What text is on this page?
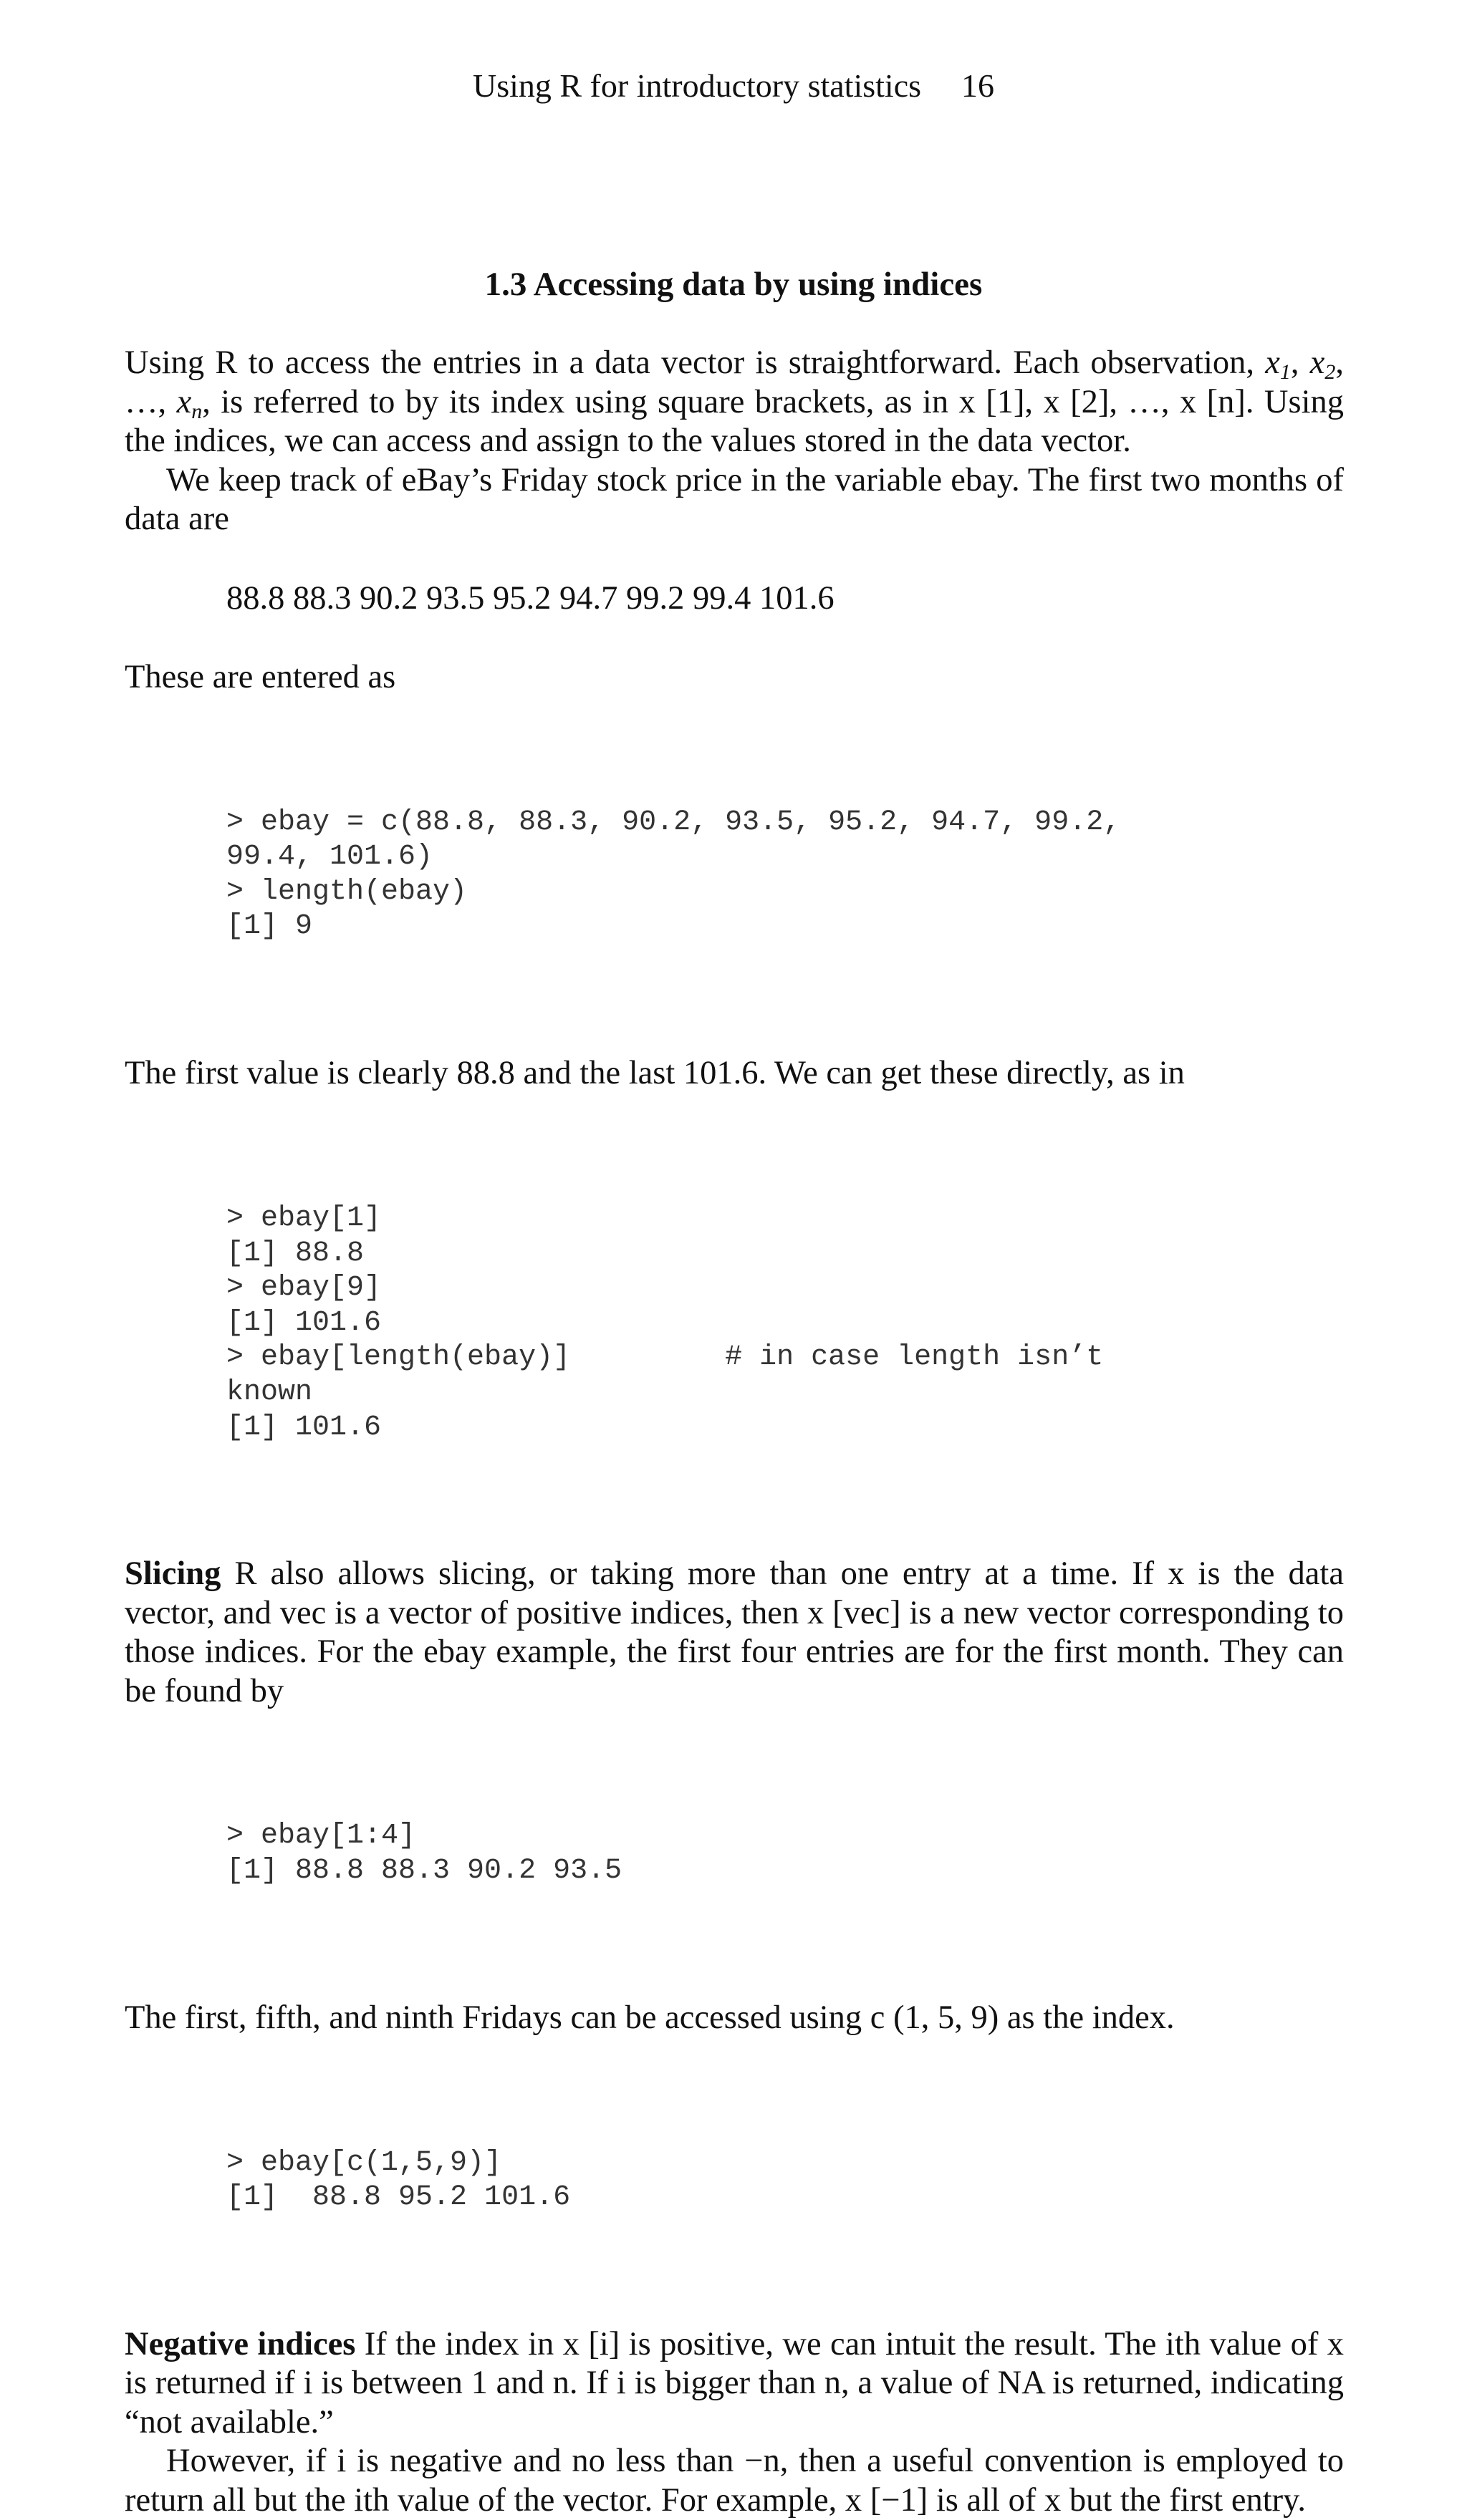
Using R for introductory statistics 16
1.3 Accessing data by using indices

Using R to access the entries in a data vector is straightforward. Each observation, $x_1$, $x_2$, …, $x_n$, is referred to by its index using square brackets, as in x [1], x [2], …, x [n]. Using the indices, we can access and assign to the values stored in the data vector.

We keep track of eBay’s Friday stock price in the variable ebay. The first two months of data are

88.8 88.3 90.2 93.5 95.2 94.7 99.2 99.4 101.6

These are entered as

> ebay = c(88.8, 88.3, 90.2, 93.5, 95.2, 94.7, 99.2,
99.4, 101.6)
> length(ebay)
[1] 9

The first value is clearly 88.8 and the last 101.6. We can get these directly, as in

> ebay[1]
[1] 88.8
> ebay[9]
[1] 101.6
> ebay[length(ebay)]         # in case length isn’t
known
[1] 101.6

Slicing R also allows slicing, or taking more than one entry at a time. If x is the data vector, and vec is a vector of positive indices, then x [vec] is a new vector corresponding to those indices. For the ebay example, the first four entries are for the first month. They can be found by

> ebay[1:4]
[1] 88.8 88.3 90.2 93.5

The first, fifth, and ninth Fridays can be accessed using c (1, 5, 9) as the index.

> ebay[c(1,5,9)]
[1]  88.8 95.2 101.6

Negative indices If the index in x [i] is positive, we can intuit the result. The ith value of x is returned if i is between 1 and n. If i is bigger than n, a value of NA is returned, indicating “not available.”

However, if i is negative and no less than −n, then a useful convention is employed to return all but the ith value of the vector. For example, x [−1] is all of x but the first entry.
